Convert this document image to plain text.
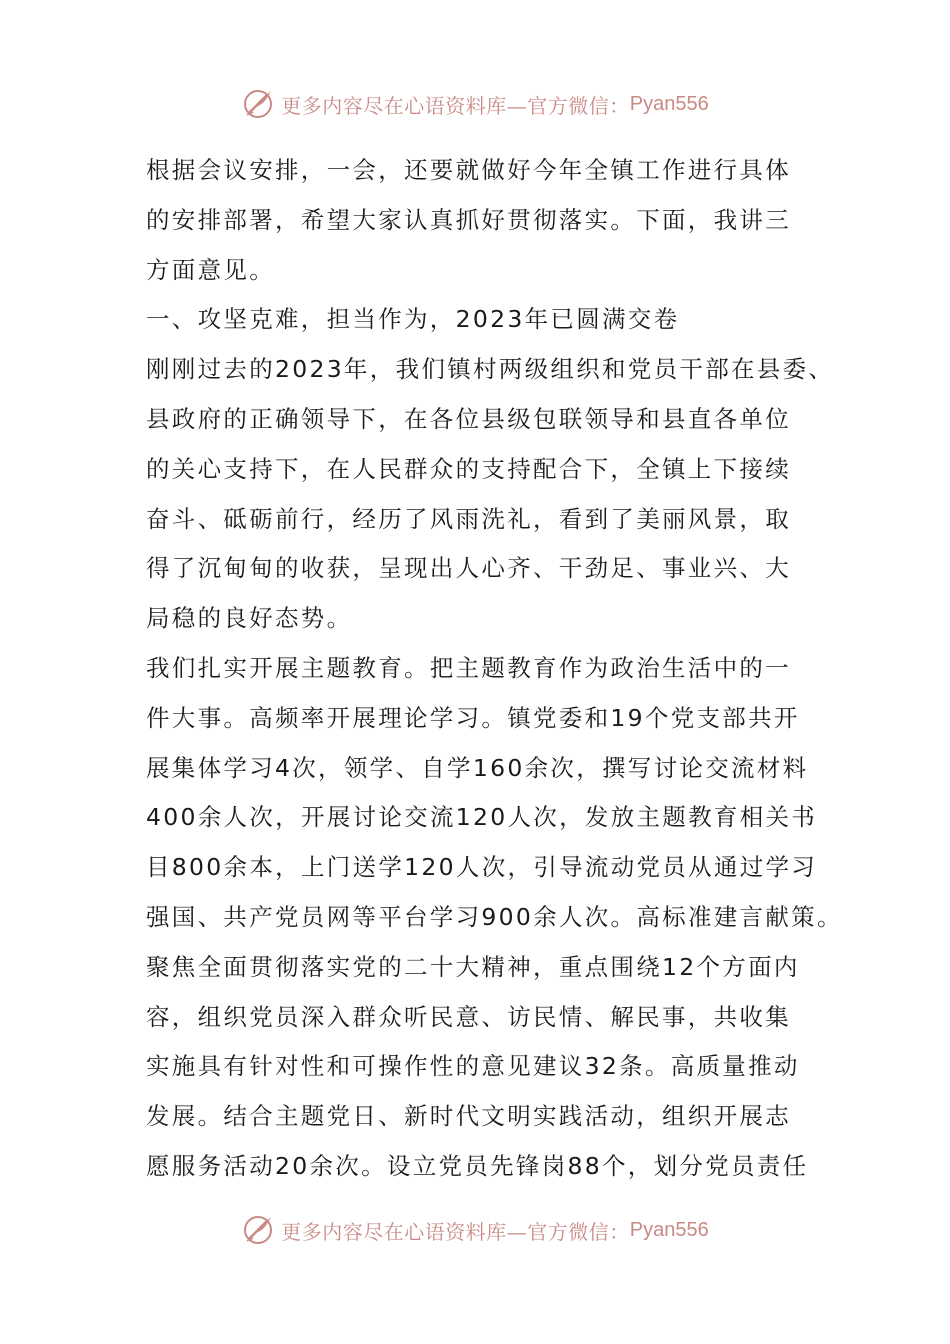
更多内容尽在心语资料库—官方微信： Pyan556
根据会议安排，一会，还要就做好今年全镇工作进行具体
的安排部署，希望大家认真抓好贯彻落实。下面，我讲三
方面意见。
一、攻坚克难，担当作为，2023年已圆满交卷
刚刚过去的2023年，我们镇村两级组织和党员干部在县委、
县政府的正确领导下，在各位县级包联领导和县直各单位
的关心支持下，在人民群众的支持配合下，全镇上下接续
奋斗、砥砺前行，经历了风雨洗礼，看到了美丽风景，取
得了沉甸甸的收获，呈现出人心齐、干劲足、事业兴、大
局稳的良好态势。
我们扎实开展主题教育。把主题教育作为政治生活中的一
件大事。高频率开展理论学习。镇党委和19个党支部共开
展集体学习4次，领学、自学160余次，撰写讨论交流材料
400余人次，开展讨论交流120人次，发放主题教育相关书
目800余本，上门送学120人次，引导流动党员从通过学习
强国、共产党员网等平台学习900余人次。高标准建言献策。
聚焦全面贯彻落实党的二十大精神，重点围绕12个方面内
容，组织党员深入群众听民意、访民情、解民事，共收集
实施具有针对性和可操作性的意见建议32条。高质量推动
发展。结合主题党日、新时代文明实践活动，组织开展志
愿服务活动20余次。设立党员先锋岗88个，划分党员责任
更多内容尽在心语资料库—官方微信： Pyan556
